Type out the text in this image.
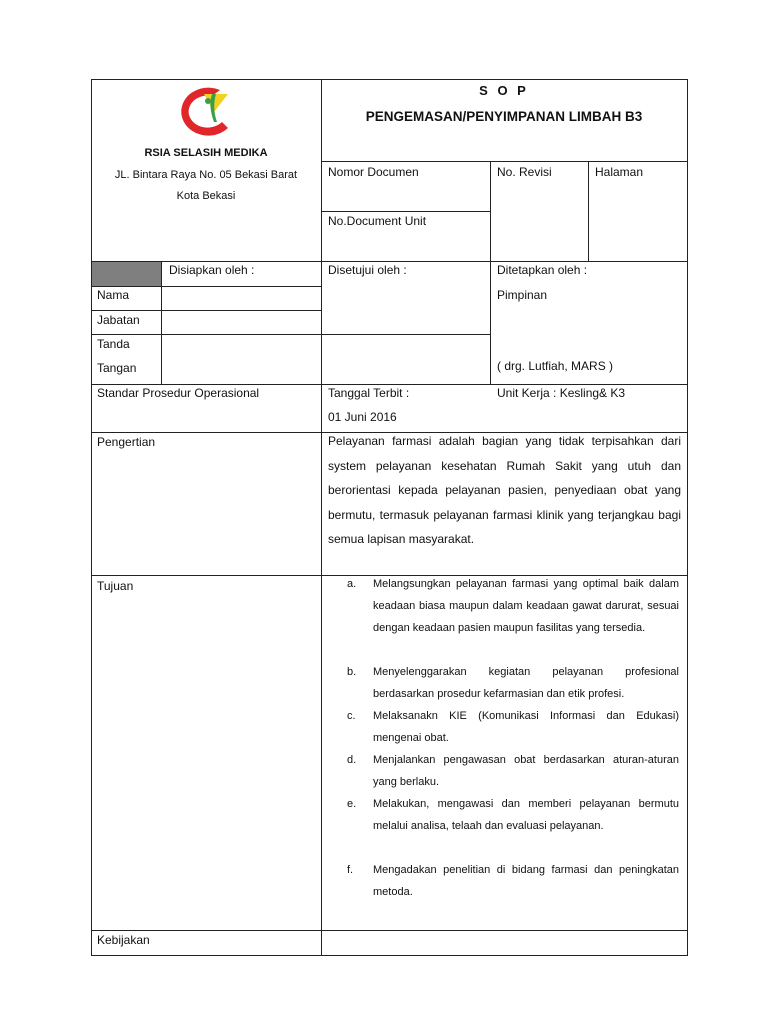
RSIA SELASIH MEDIKA
JL. Bintara Raya No. 05 Bekasi Barat
Kota Bekasi
S O P
PENGEMASAN/PENYIMPANAN LIMBAH B3
Nomor Documen	No. Revisi	Halaman
No.Document Unit
Disiapkan oleh :	Disetujui oleh :	Ditetapkan oleh :
Pimpinan
( drg. Lutfiah, MARS )
Nama
Jabatan
Tanda
Tangan
Standar Prosedur Operasional	Tanggal Terbit :
01 Juni 2016
Unit Kerja : Kesling& K3
Pengertian	Pelayanan farmasi adalah bagian yang tidak terpisahkan dari system pelayanan kesehatan Rumah Sakit yang utuh dan berorientasi kepada pelayanan pasien, penyediaan obat yang bermutu, termasuk pelayanan farmasi klinik yang terjangkau bagi semua lapisan masyarakat.
Tujuan	a.	Melangsungkan pelayanan farmasi yang optimal baik dalam keadaan biasa maupun dalam keadaan gawat darurat, sesuai dengan keadaan pasien maupun fasilitas yang tersedia.
b.	Menyelenggarakan kegiatan pelayanan profesional berdasarkan prosedur kefarmasian dan etik profesi.
c.	Melaksanakn KIE (Komunikasi Informasi dan Edukasi) mengenai obat.
d.	Menjalankan pengawasan obat berdasarkan aturan-aturan yang berlaku.
e.	Melakukan, mengawasi dan memberi pelayanan bermutu melalui analisa, telaah dan evaluasi pelayanan.
f.	Mengadakan penelitian di bidang farmasi dan peningkatan metoda.
Kebijakan
